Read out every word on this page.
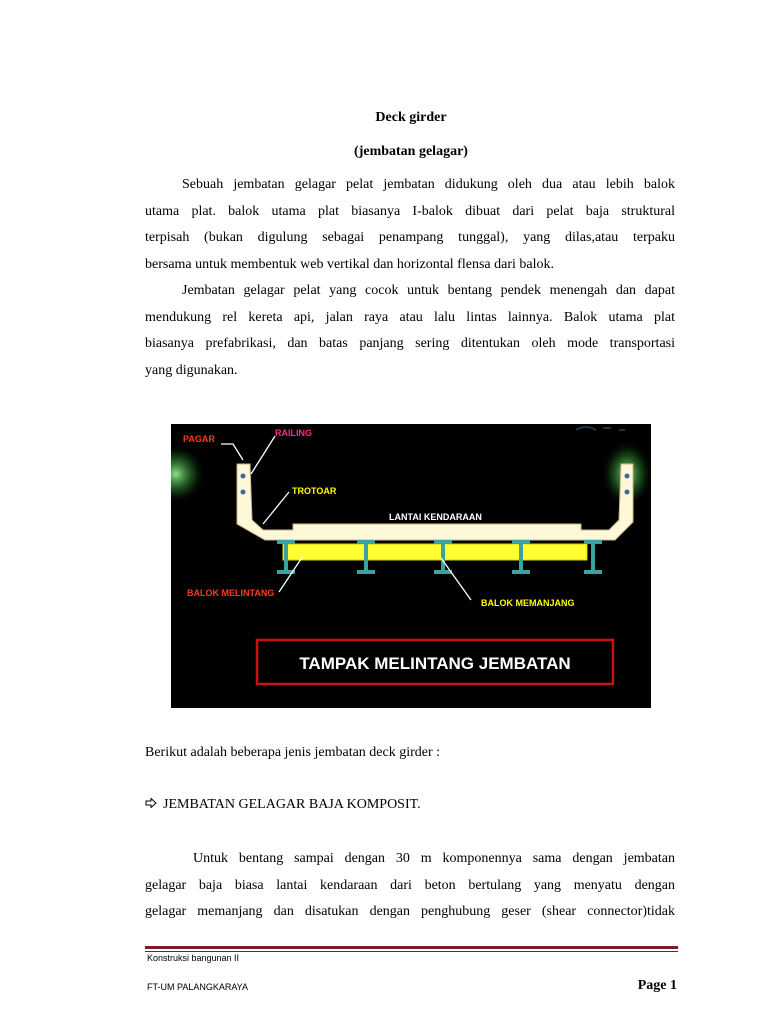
Deck girder
(jembatan gelagar)
Sebuah jembatan gelagar pelat jembatan didukung oleh dua atau lebih balok
utama plat. balok utama plat biasanya I-balok dibuat dari pelat baja struktural
terpisah (bukan digulung sebagai penampang tunggal), yang dilas,atau terpaku
bersama untuk membentuk web vertikal dan horizontal flensa dari balok.
Jembatan gelagar pelat yang cocok untuk bentang pendek menengah dan dapat
mendukung rel kereta api, jalan raya atau lalu lintas lainnya. Balok utama plat
biasanya prefabrikasi, dan batas panjang sering ditentukan oleh mode transportasi
yang digunakan.
RAILING
PAGAR
TROTOAR
LANTAI KENDARAAN
BALOK MELINTANG
BALOK MEMANJANG
TAMPAK MELINTANG JEMBATAN
Berikut adalah beberapa jenis jembatan deck girder :
JEMBATAN GELAGAR BAJA KOMPOSIT.
Untuk bentang sampai dengan 30 m komponennya sama dengan jembatan
gelagar baja biasa lantai kendaraan dari beton bertulang yang menyatu dengan
gelagar memanjang dan disatukan dengan penghubung geser (shear connector)tidak
Konstruksi bangunan II
FT-UM PALANGKARAYA	Page 1
